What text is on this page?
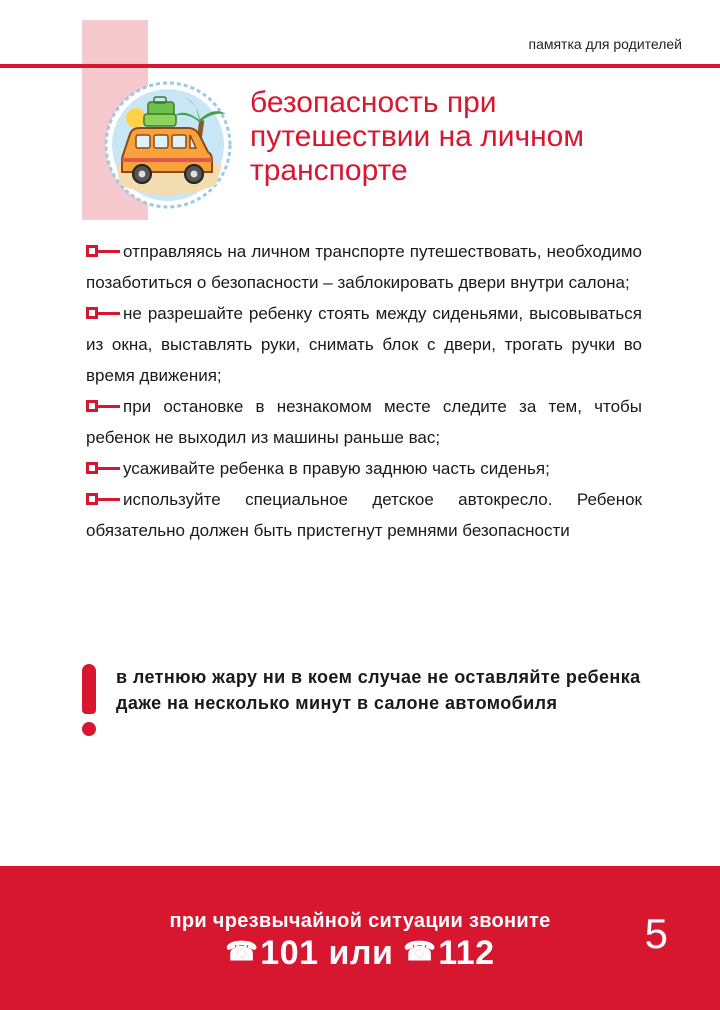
памятка для родителей
безопасность при
путешествии на личном
транспорте
отправляясь на личном транспорте путешествовать, необходимо позаботиться о безопасности – заблокировать двери внутри салона;
не разрешайте ребенку стоять между сиденьями, высовываться из окна, выставлять руки, снимать блок с двери, трогать ручки во время движения;
при остановке в незнакомом месте следите за тем, чтобы ребенок не выходил из машины раньше вас;
усаживайте ребенка в правую заднюю часть сиденья;
используйте специальное детское автокресло. Ребенок обязательно должен быть пристегнут ремнями безопасности
в летнюю жару ни в коем случае не оставляйте ребенка даже на несколько минут в салоне автомобиля
при чрезвычайной ситуации звоните
☎101 или ☎112	5
